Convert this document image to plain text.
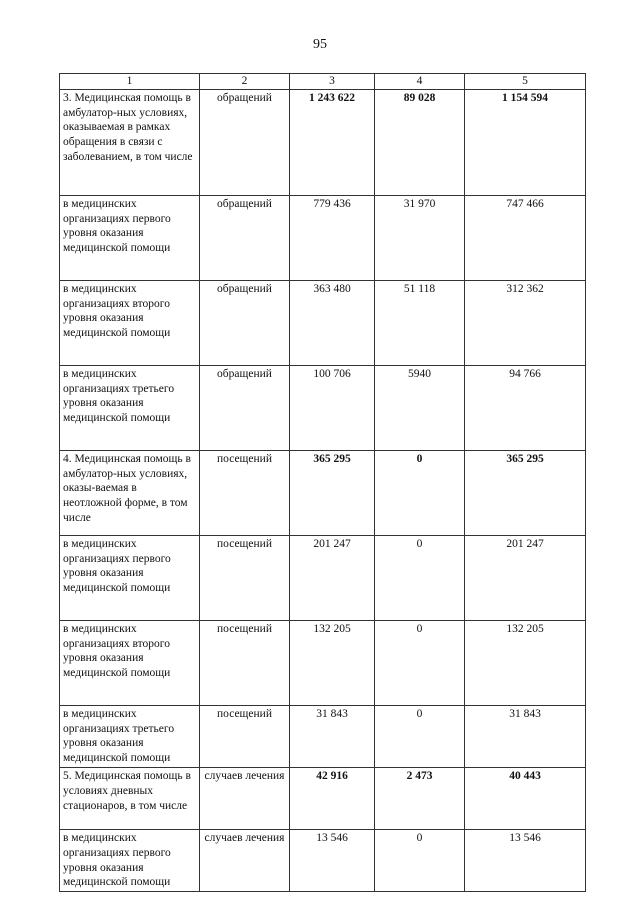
95
1	2	3	4	5
3. Медицинская помощь в амбулатор-ных условиях, оказываемая в рамках обращения в связи с заболеванием, в том числе	обращений	1 243 622	89 028	1 154 594
в медицинских организациях первого уровня оказания медицинской помощи	обращений	779 436	31 970	747 466
в медицинских организациях второго уровня оказания медицинской помощи	обращений	363 480	51 118	312 362
в медицинских организациях третьего уровня оказания медицинской помощи	обращений	100 706	5940	94 766
4. Медицинская помощь в амбулатор-ных условиях, оказы-ваемая в неотложной форме, в том числе	посещений	365 295	0	365 295
в медицинских организациях первого уровня оказания медицинской помощи	посещений	201 247	0	201 247
в медицинских организациях второго уровня оказания медицинской помощи	посещений	132 205	0	132 205
в медицинских организациях третьего уровня оказания медицинской помощи	посещений	31 843	0	31 843
5. Медицинская помощь в условиях дневных стационаров, в том числе	случаев лечения	42 916	2 473	40 443
в медицинских организациях первого уровня оказания медицинской помощи	случаев лечения	13 546	0	13 546
